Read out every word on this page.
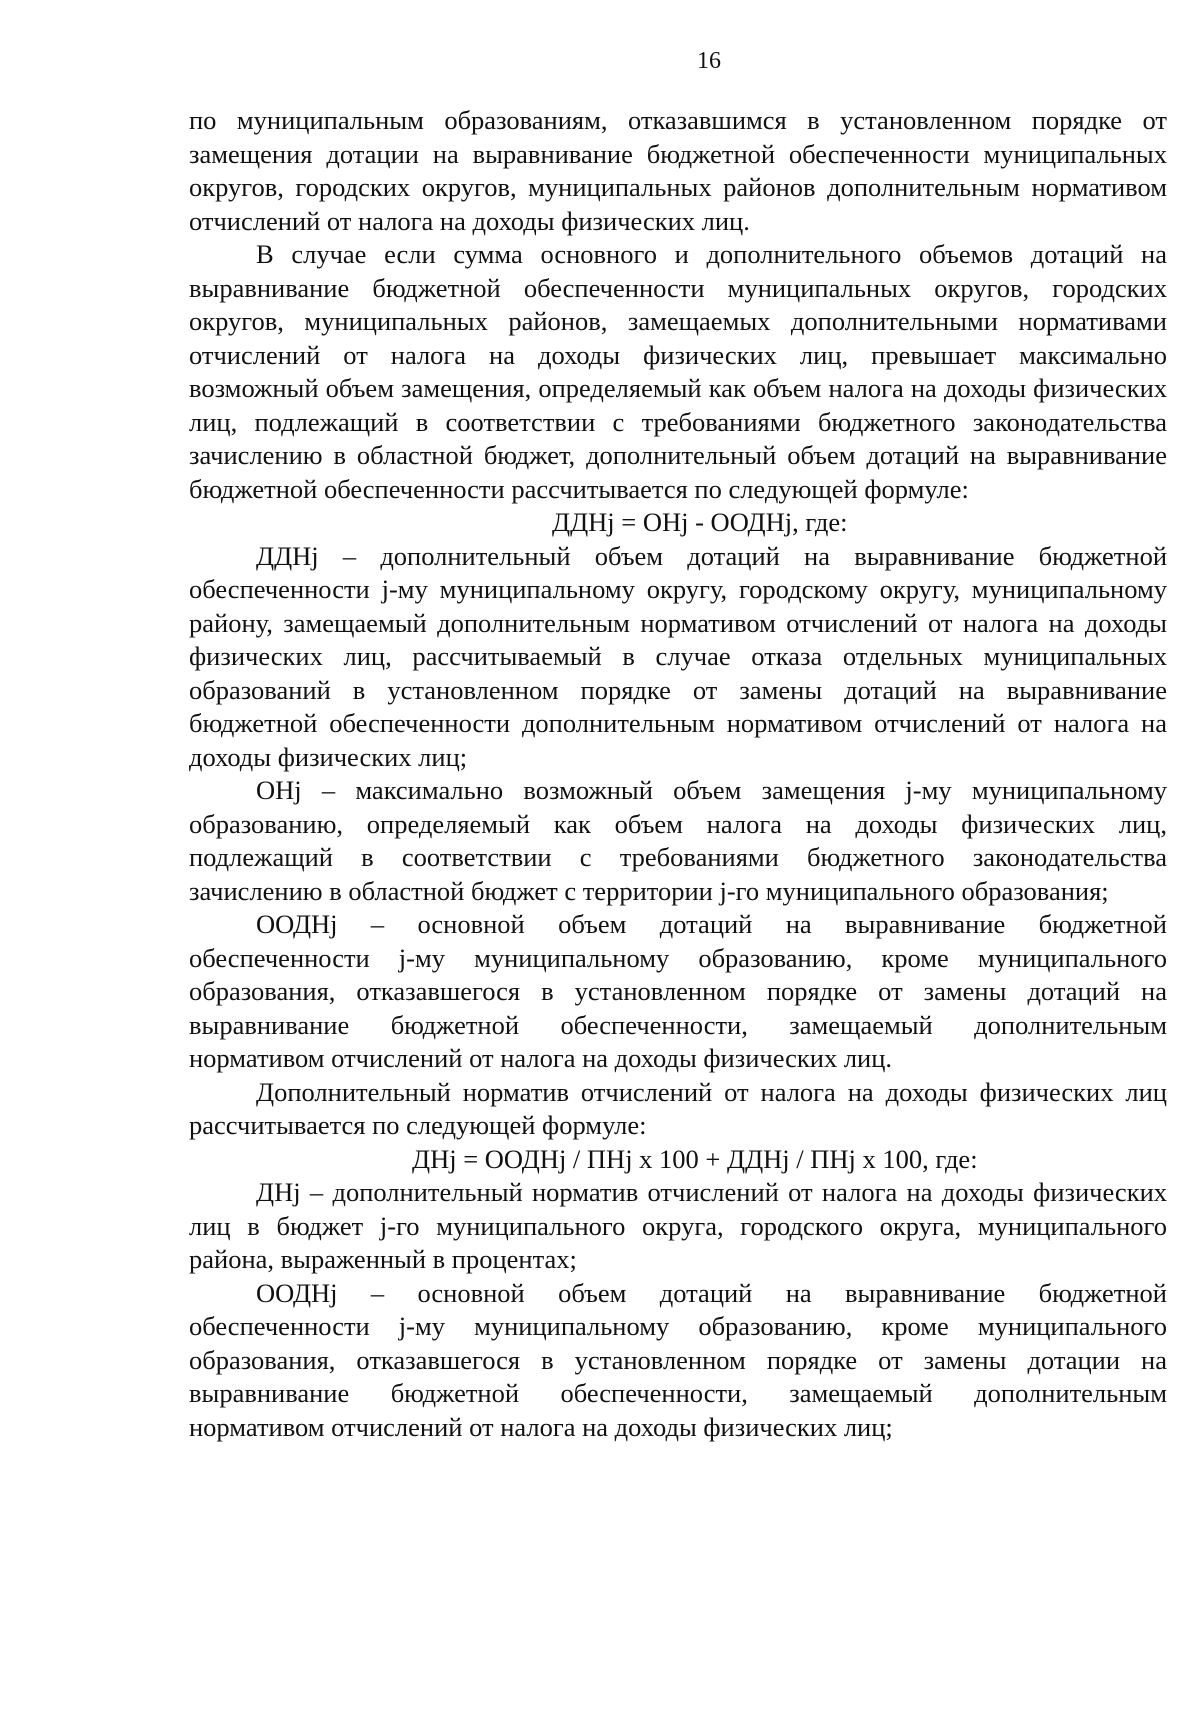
16

по муниципальным образованиям, отказавшимся в установленном порядке от замещения дотации на выравнивание бюджетной обеспеченности муниципальных округов, городских округов, муниципальных районов дополнительным нормативом отчислений от налога на доходы физических лиц.

В случае если сумма основного и дополнительного объемов дотаций на выравнивание бюджетной обеспеченности муниципальных округов, городских округов, муниципальных районов, замещаемых дополнительными нормативами отчислений от налога на доходы физических лиц, превышает максимально возможный объем замещения, определяемый как объем налога на доходы физических лиц, подлежащий в соответствии с требованиями бюджетного законодательства зачислению в областной бюджет, дополнительный объем дотаций на выравнивание бюджетной обеспеченности рассчитывается по следующей формуле:

ДДНj = ОНj - ООДНj, где:

ДДНj – дополнительный объем дотаций на выравнивание бюджетной обеспеченности j-му муниципальному округу, городскому округу, муниципальному району, замещаемый дополнительным нормативом отчислений от налога на доходы физических лиц, рассчитываемый в случае отказа отдельных муниципальных образований в установленном порядке от замены дотаций на выравнивание бюджетной обеспеченности дополнительным нормативом отчислений от налога на доходы физических лиц;

ОНj – максимально возможный объем замещения j-му муниципальному образованию, определяемый как объем налога на доходы физических лиц, подлежащий в соответствии с требованиями бюджетного законодательства зачислению в областной бюджет с территории j-го муниципального образования;

ООДНj – основной объем дотаций на выравнивание бюджетной обеспеченности j-му муниципальному образованию, кроме муниципального образования, отказавшегося в установленном порядке от замены дотаций на выравнивание бюджетной обеспеченности, замещаемый дополнительным нормативом отчислений от налога на доходы физических лиц.

Дополнительный норматив отчислений от налога на доходы физических лиц рассчитывается по следующей формуле:

ДНj = ООДНj / ПНj x 100 + ДДНj / ПНj x 100, где:

ДНj – дополнительный норматив отчислений от налога на доходы физических лиц в бюджет j-го муниципального округа, городского округа, муниципального района, выраженный в процентах;

ООДНj – основной объем дотаций на выравнивание бюджетной обеспеченности j-му муниципальному образованию, кроме муниципального образования, отказавшегося в установленном порядке от замены дотации на выравнивание бюджетной обеспеченности, замещаемый дополнительным нормативом отчислений от налога на доходы физических лиц;
